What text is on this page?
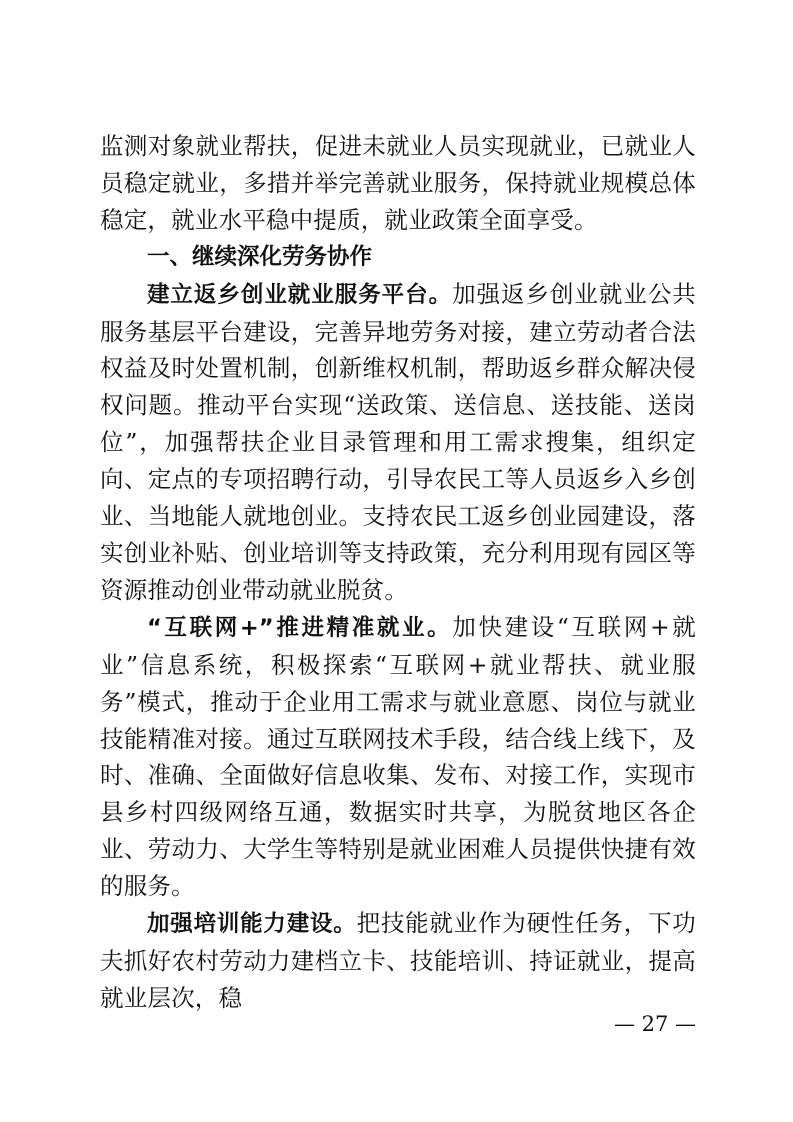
监测对象就业帮扶，促进未就业人员实现就业，已就业人员稳定就业，多措并举完善就业服务，保持就业规模总体稳定，就业水平稳中提质，就业政策全面享受。

一、继续深化劳务协作

建立返乡创业就业服务平台。加强返乡创业就业公共服务基层平台建设，完善异地劳务对接，建立劳动者合法权益及时处置机制，创新维权机制，帮助返乡群众解决侵权问题。推动平台实现“送政策、送信息、送技能、送岗位”，加强帮扶企业目录管理和用工需求搜集，组织定向、定点的专项招聘行动，引导农民工等人员返乡入乡创业、当地能人就地创业。支持农民工返乡创业园建设，落实创业补贴、创业培训等支持政策，充分利用现有园区等资源推动创业带动就业脱贫。

“互联网+”推进精准就业。加快建设“互联网+就业”信息系统，积极探索“互联网+就业帮扶、就业服务”模式，推动于企业用工需求与就业意愿、岗位与就业技能精准对接。通过互联网技术手段，结合线上线下，及时、准确、全面做好信息收集、发布、对接工作，实现市县乡村四级网络互通，数据实时共享，为脱贫地区各企业、劳动力、大学生等特别是就业困难人员提供快捷有效的服务。

加强培训能力建设。把技能就业作为硬性任务，下功夫抓好农村劳动力建档立卡、技能培训、持证就业，提高就业层次，稳

— 27 —
